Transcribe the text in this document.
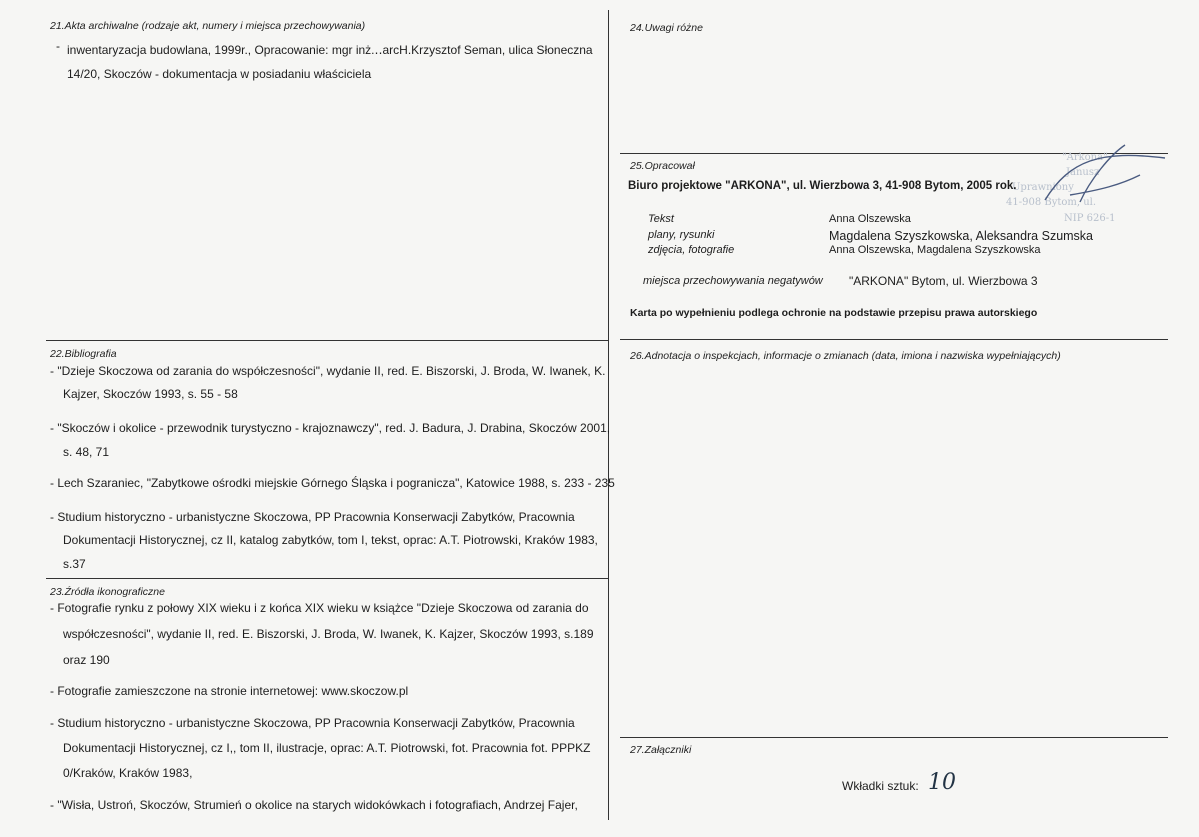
21.Akta archiwalne (rodzaje akt, numery i miejsca przechowywania)
- inwentaryzacja budowlana, 1999r., Opracowanie: mgr inż.‥arcH.Krzysztof Seman, ulica Słoneczna
14/20, Skoczów - dokumentacja w posiadaniu właściciela
22.Bibliografia
- "Dzieje Skoczowa od zarania do współczesności", wydanie II, red. E. Biszorski, J. Broda, W. Iwanek, K.
Kajzer, Skoczów 1993, s. 55 - 58
- "Skoczów i okolice - przewodnik turystyczno - krajoznawczy", red. J. Badura, J. Drabina, Skoczów 2001,
s. 48, 71
- Lech Szaraniec, "Zabytkowe ośrodki miejskie Górnego Śląska i pogranicza", Katowice 1988, s. 233 - 235
- Studium historyczno - urbanistyczne Skoczowa, PP Pracownia Konserwacji Zabytków, Pracownia
Dokumentacji Historycznej, cz II, katalog zabytków, tom I, tekst, oprac: A.T. Piotrowski, Kraków 1983,
s.37
23.Źródła ikonograficzne
- Fotografie rynku z połowy XIX wieku i z końca XIX wieku w książce "Dzieje Skoczowa od zarania do
współczesności", wydanie II, red. E. Biszorski, J. Broda, W. Iwanek, K. Kajzer, Skoczów 1993, s.189
oraz 190
- Fotografie zamieszczone na stronie internetowej: www.skoczow.pl
- Studium historyczno - urbanistyczne Skoczowa, PP Pracownia Konserwacji Zabytków, Pracownia
Dokumentacji Historycznej, cz I,, tom II, ilustracje, oprac: A.T. Piotrowski, fot. Pracownia fot. PPPKZ
0/Kraków, Kraków 1983,
- "Wisła, Ustroń, Skoczów, Strumień o okolice na starych widokówkach i fotografiach, Andrzej Fajer,
24.Uwagi różne
"Arkona"
Janusz
Uprawniony
41-908 Bytom, ul.
NIP 626-1
25.Opracował
Biuro projektowe "ARKONA", ul. Wierzbowa 3, 41-908 Bytom, 2005 rok.
Tekst	Anna Olszewska
plany, rysunki	Magdalena Szyszkowska, Aleksandra Szumska
zdjęcia, fotografie	Anna Olszewska, Magdalena Szyszkowska
miejsca przechowywania negatywów "ARKONA" Bytom, ul. Wierzbowa 3
Karta po wypełnieniu podlega ochronie na podstawie przepisu prawa autorskiego
26.Adnotacja o inspekcjach, informacje o zmianach (data, imiona i nazwiska wypełniających)
27.Załączniki
Wkładki sztuk: 10
